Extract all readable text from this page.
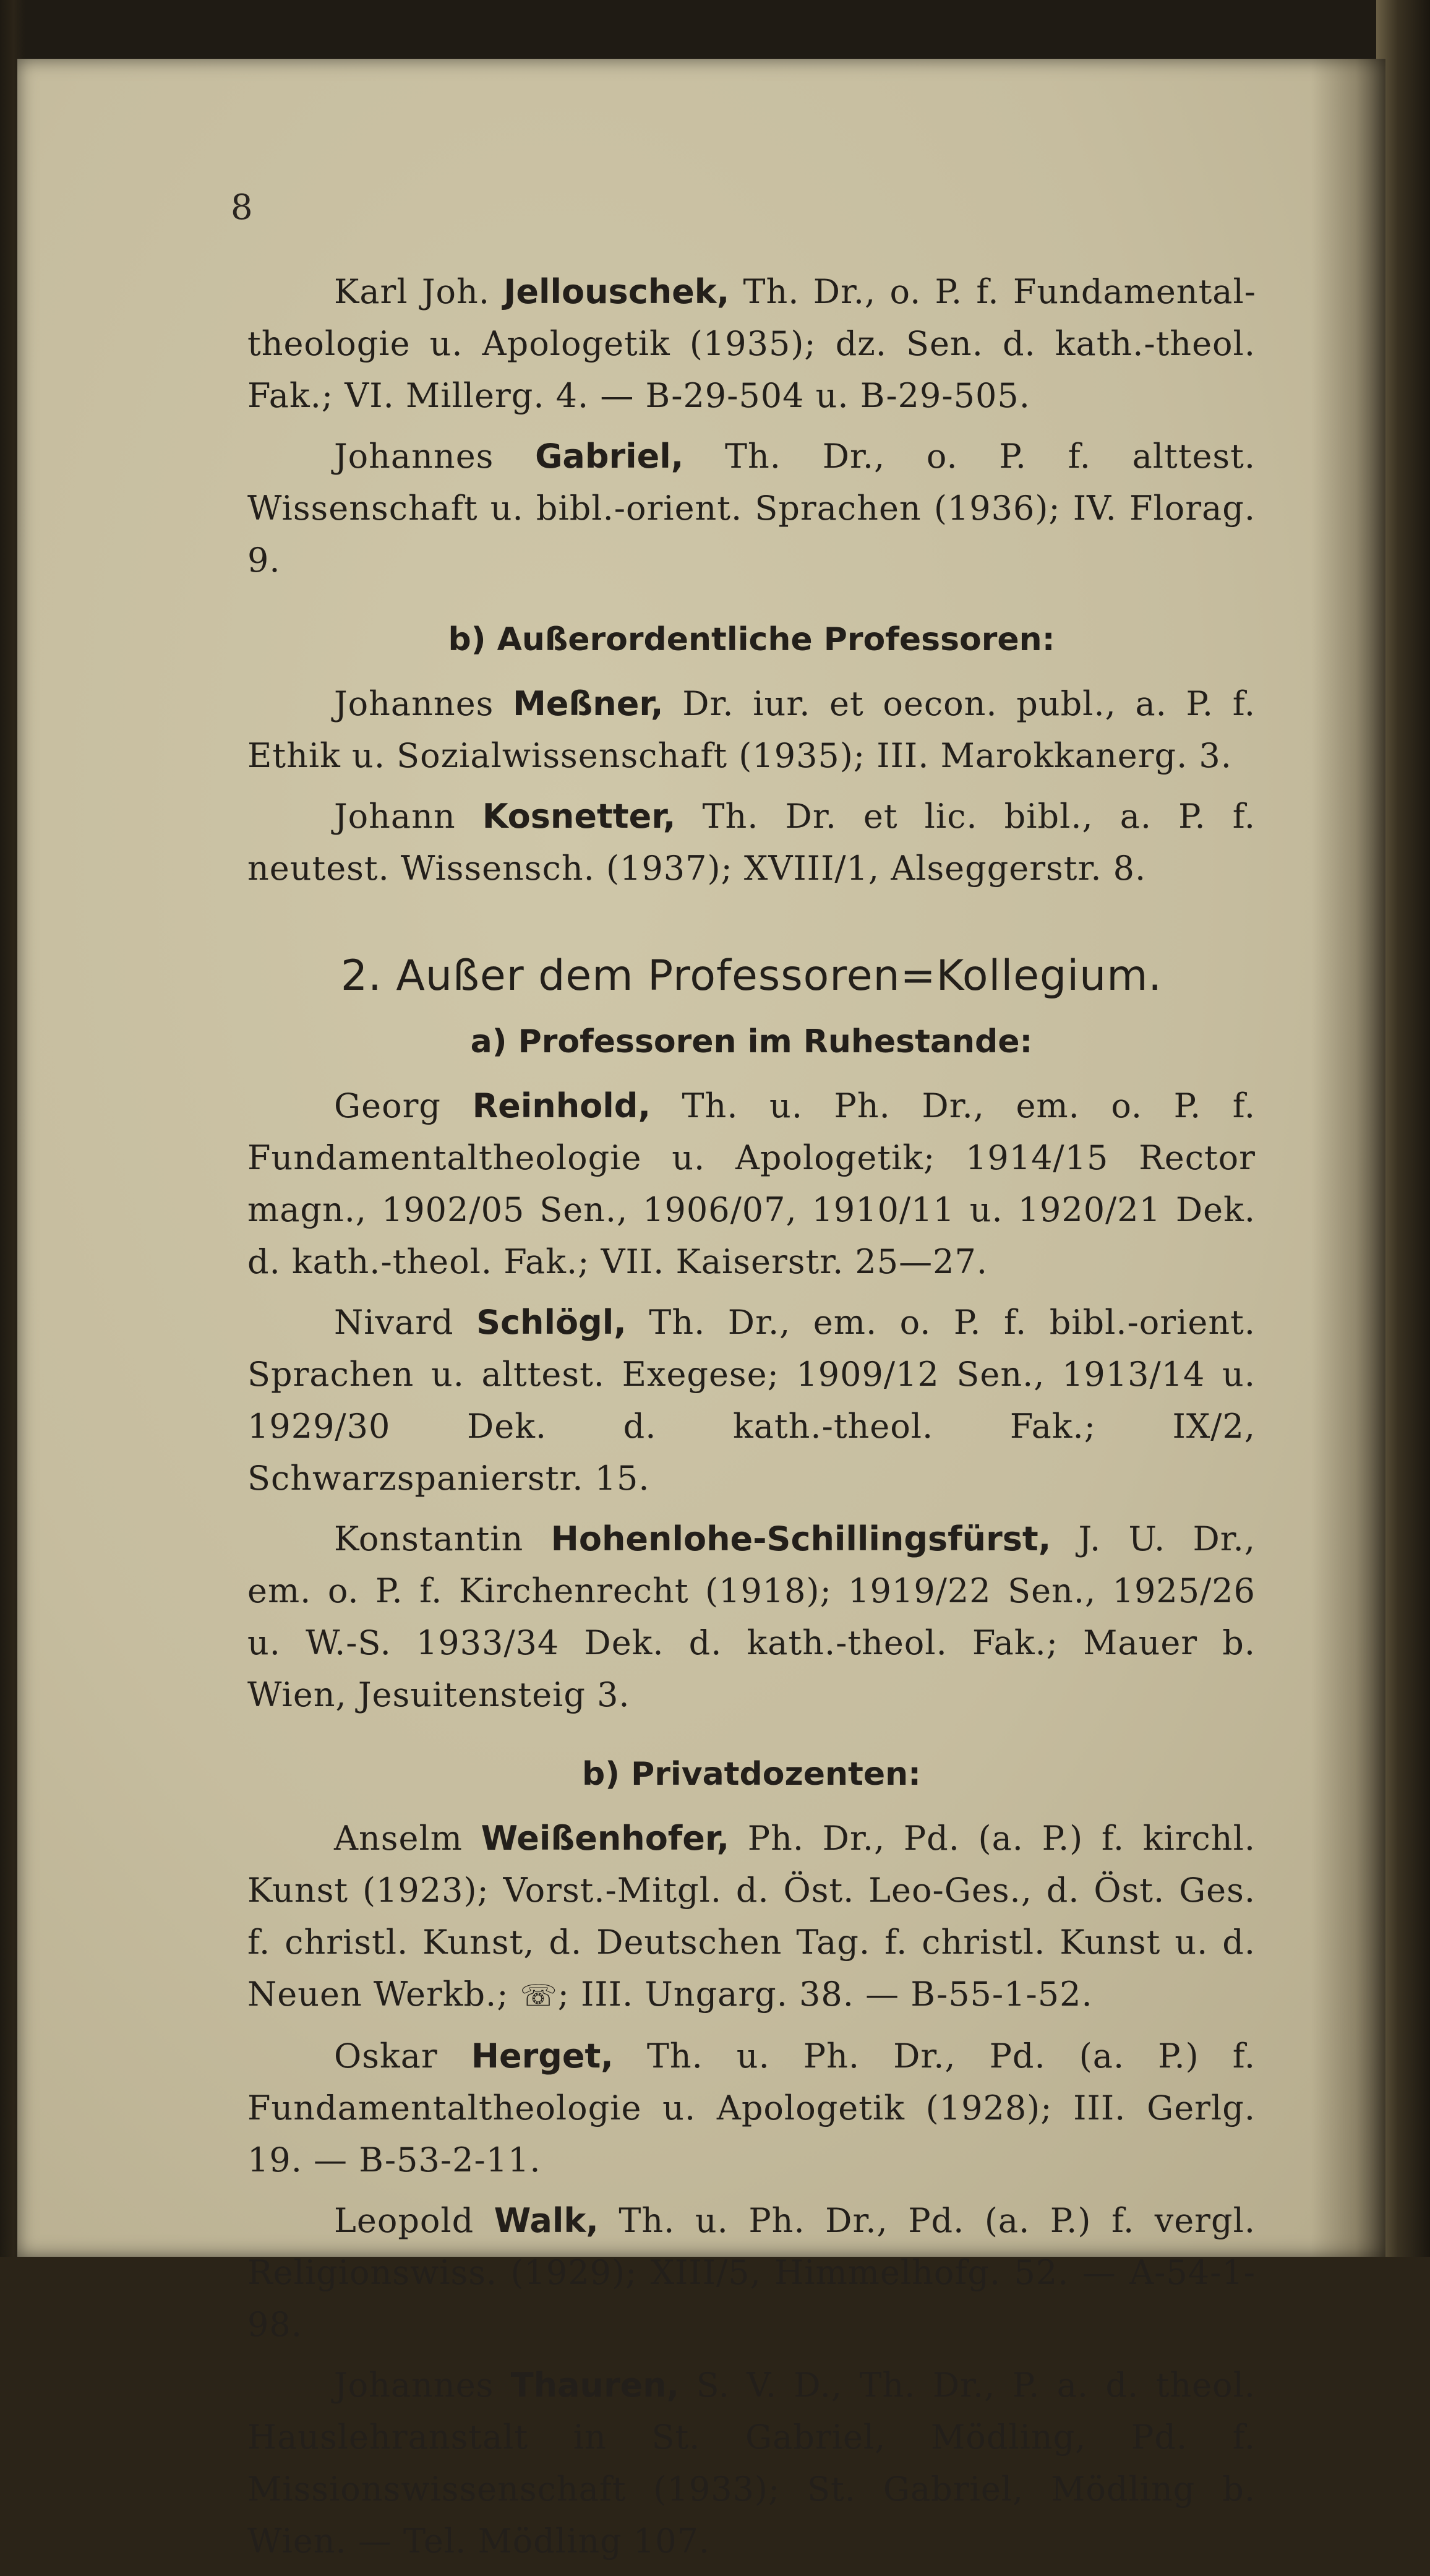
8

Karl Joh. Jellouschek, Th. Dr., o. P. f. Fundamentaltheologie u. Apologetik (1935); dz. Sen. d. kath.-theol. Fak.; VI. Millerg. 4. — B-29-504 u. B-29-505.

Johannes Gabriel, Th. Dr., o. P. f. alttest. Wissenschaft u. bibl.-orient. Sprachen (1936); IV. Florag. 9.

b) Außerordentliche Professoren:

Johannes Meßner, Dr. iur. et oecon. publ., a. P. f. Ethik u. Sozialwissenschaft (1935); III. Marokkanerg. 3.

Johann Kosnetter, Th. Dr. et lic. bibl., a. P. f. neutest. Wissensch. (1937); XVIII/1, Alseggerstr. 8.

2. Außer dem Professoren=Kollegium.
a) Professoren im Ruhestande:

Georg Reinhold, Th. u. Ph. Dr., em. o. P. f. Fundamentaltheologie u. Apologetik; 1914/15 Rector magn., 1902/05 Sen., 1906/07, 1910/11 u. 1920/21 Dek. d. kath.-theol. Fak.; VII. Kaiserstr. 25—27.

Nivard Schlögl, Th. Dr., em. o. P. f. bibl.-orient. Sprachen u. alttest. Exegese; 1909/12 Sen., 1913/14 u. 1929/30 Dek. d. kath.-theol. Fak.; IX/2, Schwarzspanierstr. 15.

Konstantin Hohenlohe-Schillingsfürst, J. U. Dr., em. o. P. f. Kirchenrecht (1918); 1919/22 Sen., 1925/26 u. W.-S. 1933/34 Dek. d. kath.-theol. Fak.; Mauer b. Wien, Jesuitensteig 3.

b) Privatdozenten:

Anselm Weißenhofer, Ph. Dr., Pd. (a. P.) f. kirchl. Kunst (1923); Vorst.-Mitgl. d. Öst. Leo-Ges., d. Öst. Ges. f. christl. Kunst, d. Deutschen Tag. f. christl. Kunst u. d. Neuen Werkb.; ☏; III. Ungarg. 38. — B-55-1-52.

Oskar Herget, Th. u. Ph. Dr., Pd. (a. P.) f. Fundamentaltheologie u. Apologetik (1928); III. Gerlg. 19. — B-53-2-11.

Leopold Walk, Th. u. Ph. Dr., Pd. (a. P.) f. vergl. Religionswiss. (1929); XIII/5, Himmelhofg. 52. — A-54-1-98.

Johannes Thauren, S. V. D., Th. Dr., P. a. d. theol. Hauslehranstalt in St. Gabriel, Mödling, Pd. f. Missionswissenschaft (1933); St. Gabriel, Mödling b. Wien. — Tel. Mödling 107.
